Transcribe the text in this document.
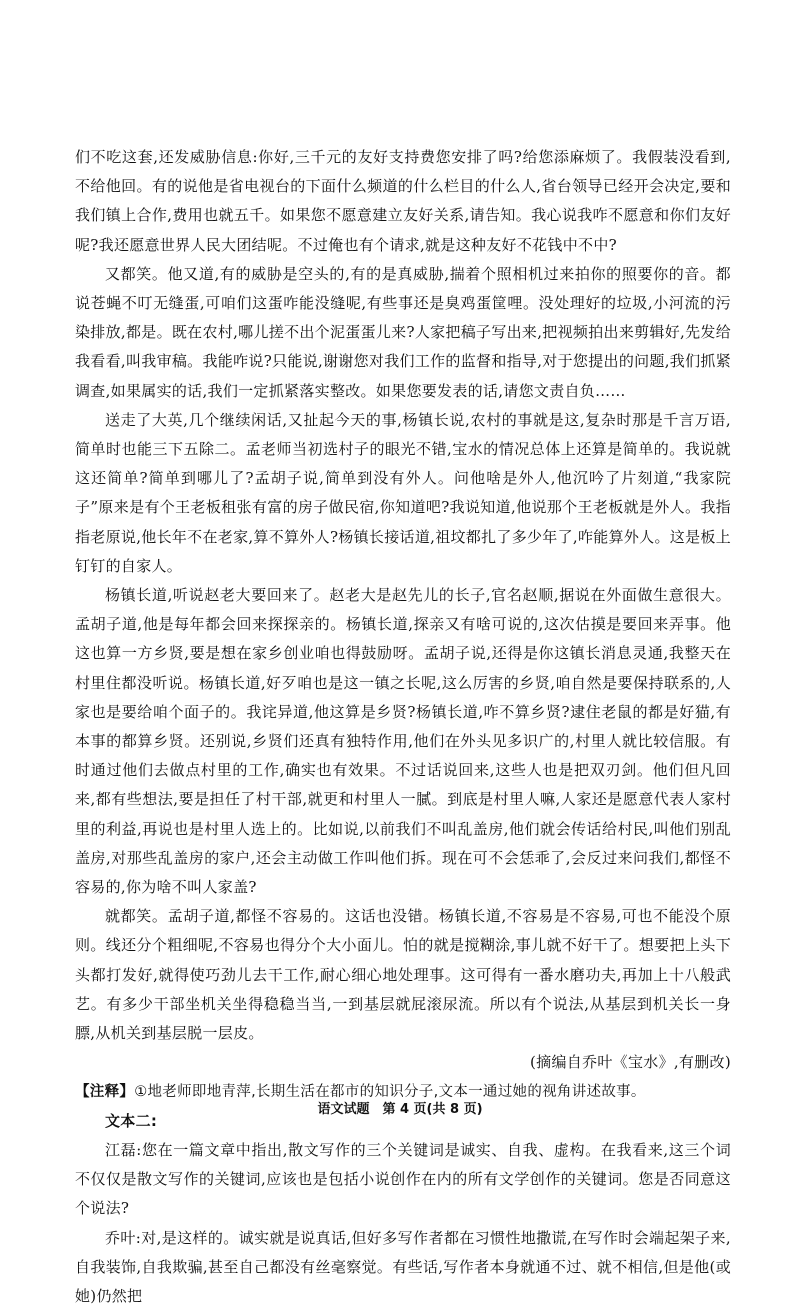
们不吃这套,还发威胁信息:你好,三千元的友好支持费您安排了吗?给您添麻烦了。我假装没看到,不给他回。有的说他是省电视台的下面什么频道的什么栏目的什么人,省台领导已经开会决定,要和我们镇上合作,费用也就五千。如果您不愿意建立友好关系,请告知。我心说我咋不愿意和你们友好呢?我还愿意世界人民大团结呢。不过俺也有个请求,就是这种友好不花钱中不中?

又都笑。他又道,有的威胁是空头的,有的是真威胁,揣着个照相机过来拍你的照要你的音。都说苍蝇不叮无缝蛋,可咱们这蛋咋能没缝呢,有些事还是臭鸡蛋筐哩。没处理好的垃圾,小河流的污染排放,都是。既在农村,哪儿搓不出个泥蛋蛋儿来?人家把稿子写出来,把视频拍出来剪辑好,先发给我看看,叫我审稿。我能咋说?只能说,谢谢您对我们工作的监督和指导,对于您提出的问题,我们抓紧调查,如果属实的话,我们一定抓紧落实整改。如果您要发表的话,请您文责自负……

送走了大英,几个继续闲话,又扯起今天的事,杨镇长说,农村的事就是这,复杂时那是千言万语,简单时也能三下五除二。孟老师当初选村子的眼光不错,宝水的情况总体上还算是简单的。我说就这还简单?简单到哪儿了?孟胡子说,简单到没有外人。问他啥是外人,他沉吟了片刻道,“我家院子”原来是有个王老板租张有富的房子做民宿,你知道吧?我说知道,他说那个王老板就是外人。我指指老原说,他长年不在老家,算不算外人?杨镇长接话道,祖坟都扎了多少年了,咋能算外人。这是板上钉钉的自家人。

杨镇长道,听说赵老大要回来了。赵老大是赵先儿的长子,官名赵顺,据说在外面做生意很大。孟胡子道,他是每年都会回来探探亲的。杨镇长道,探亲又有啥可说的,这次估摸是要回来弄事。他这也算一方乡贤,要是想在家乡创业咱也得鼓励呀。孟胡子说,还得是你这镇长消息灵通,我整天在村里住都没听说。杨镇长道,好歹咱也是这一镇之长呢,这么厉害的乡贤,咱自然是要保持联系的,人家也是要给咱个面子的。我诧异道,他这算是乡贤?杨镇长道,咋不算乡贤?逮住老鼠的都是好猫,有本事的都算乡贤。还别说,乡贤们还真有独特作用,他们在外头见多识广的,村里人就比较信服。有时通过他们去做点村里的工作,确实也有效果。不过话说回来,这些人也是把双刃剑。他们但凡回来,都有些想法,要是担任了村干部,就更和村里人一膩。到底是村里人嘛,人家还是愿意代表人家村里的利益,再说也是村里人选上的。比如说,以前我们不叫乱盖房,他们就会传话给村民,叫他们别乱盖房,对那些乱盖房的家户,还会主动做工作叫他们拆。现在可不会恁乖了,会反过来问我们,都怪不容易的,你为啥不叫人家盖?

就都笑。孟胡子道,都怪不容易的。这话也没错。杨镇长道,不容易是不容易,可也不能没个原则。线还分个粗细呢,不容易也得分个大小面儿。怕的就是搅糊涂,事儿就不好干了。想要把上头下头都打发好,就得使巧劲儿去干工作,耐心细心地处理事。这可得有一番水磨功夫,再加上十八般武艺。有多少干部坐机关坐得稳稳当当,一到基层就屁滚尿流。所以有个说法,从基层到机关长一身膘,从机关到基层脱一层皮。

(摘编自乔叶《宝水》,有删改)

【注释】①地老师即地青萍,长期生活在都市的知识分子,文本一通过她的视角讲述故事。

文本二:

江磊:您在一篇文章中指出,散文写作的三个关键词是诚实、自我、虚构。在我看来,这三个词不仅仅是散文写作的关键词,应该也是包括小说创作在内的所有文学创作的关键词。您是否同意这个说法?

乔叶:对,是这样的。诚实就是说真话,但好多写作者都在习惯性地撒谎,在写作时会端起架子来,自我装饰,自我欺骗,甚至自己都没有丝毫察觉。有些话,写作者本身就通不过、就不相信,但是他(或她)仍然把

语文试题　第 4 页(共 8 页)
